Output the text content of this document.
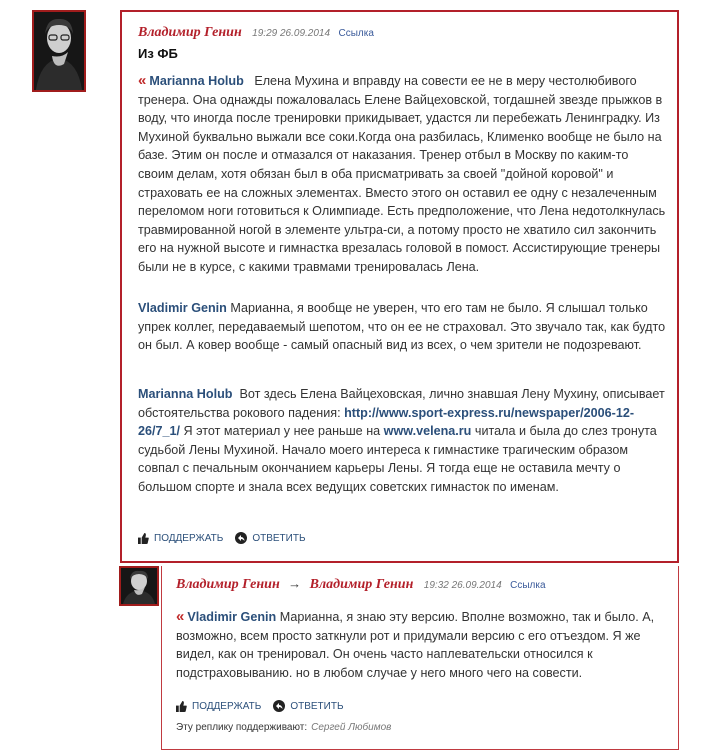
Владимир Генин 19:29 26.09.2014 Ссылка
Из ФБ
« Marianna Holub Елена Мухина и вправду на совести ее не в меру честолюбивого тренера. Она однажды пожаловалась Елене Вайцеховской, тогдашней звезде прыжков в воду, что иногда после тренировки прикидывает, удастся ли перебежать Ленинградку. Из Мухиной буквально выжали все соки.Когда она разбилась, Клименко вообще не было на базе. Этим он после и отмазался от наказания. Тренер отбыл в Москву по каким-то своим делам, хотя обязан был в оба присматривать за своей "дойной коровой" и страховать ее на сложных элементах. Вместо этого он оставил ее одну с незалеченным переломом ноги готовиться к Олимпиаде. Есть предположение, что Лена недотолкнулась травмированной ногой в элементе ультра-си, а потому просто не хватило сил закончить его на нужной высоте и гимнастка врезалась головой в помост. Ассистирующие тренеры были не в курсе, с какими травмами тренировалась Лена.
Vladimir Genin Марианна, я вообще не уверен, что его там не было. Я слышал только упрек коллег, передаваемый шепотом, что он ее не страховал. Это звучало так, как будто он был. А ковер вообще - самый опасный вид из всех, о чем зрители не подозревают.
Marianna Holub Вот здесь Елена Вайцеховская, лично знавшая Лену Мухину, описывает обстоятельства рокового падения: http://www.sport-express.ru/newspaper/2006-12-26/7_1/ Я этот материал у нее раньше на www.velena.ru читала и была до слез тронута судьбой Лены Мухиной. Начало моего интереса к гимнастике трагическим образом совпал с печальным окончанием карьеры Лены. Я тогда еще не оставила мечту о большом спорте и знала всех ведущих советских гимнасток по именам.
ПОДДЕРЖАТЬ	ОТВЕТИТЬ
Владимир Генин → Владимир Генин 19:32 26.09.2014 Ссылка
« Vladimir Genin Марианна, я знаю эту версию. Вполне возможно, так и было. А, возможно, всем просто заткнули рот и придумали версию с его отъездом. Я же видел, как он тренировал. Он очень часто наплевательски относился к подстраховыванию. но в любом случае у него много чего на совести.
ПОДДЕРЖАТЬ	ОТВЕТИТЬ
Эту реплику поддерживают: Сергей Любимов
